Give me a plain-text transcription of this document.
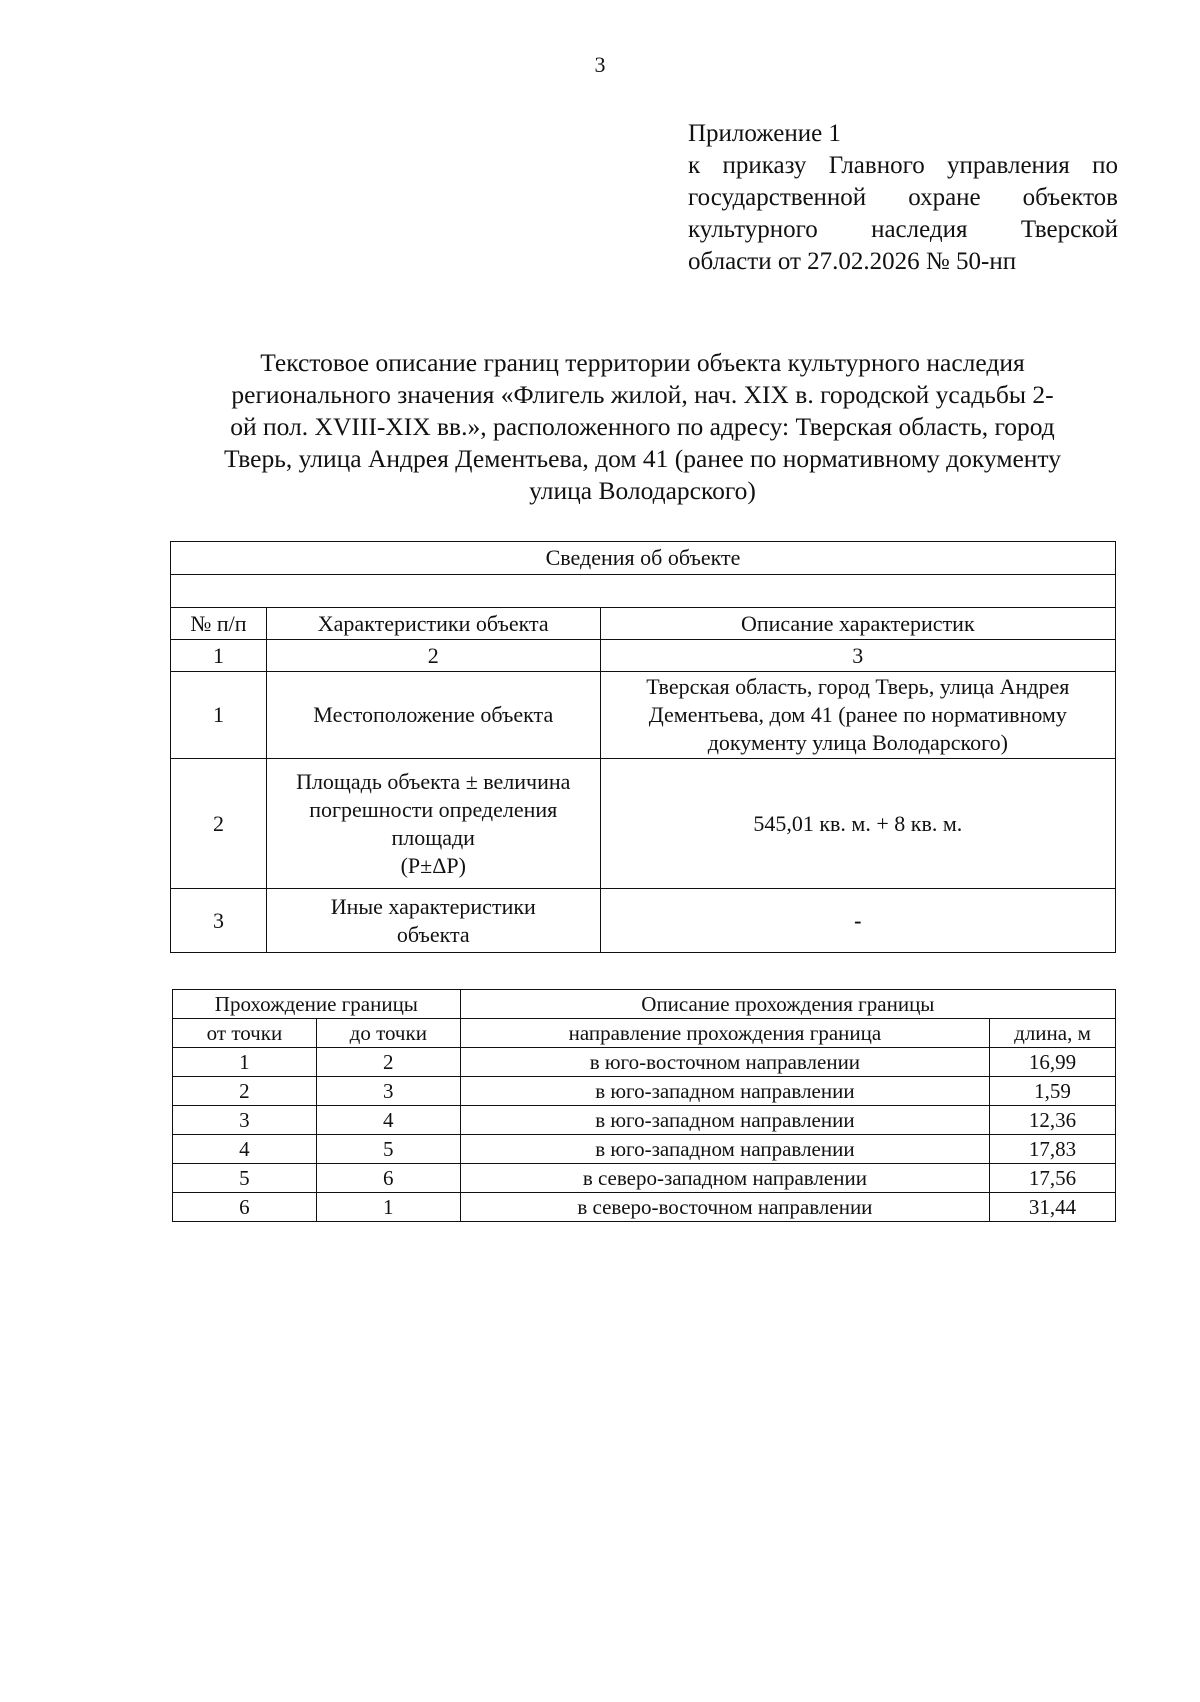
3
Приложение 1
к приказу Главного управления по
государственной охране объектов
культурного наследия Тверской
области от 27.02.2026 № 50-нп
Текстовое описание границ территории объекта культурного наследия
регионального значения «Флигель жилой, нач. XIX в. городской усадьбы 2-
ой пол. XVIII-XIX вв.», расположенного по адресу: Тверская область, город
Тверь, улица Андрея Дементьева, дом 41 (ранее по нормативному документу
улица Володарского)
Сведения об объекте		

№ п/п	Характеристики объекта	Описание характеристик
1	2	3
1	Местоположение объекта	Тверская область, город Тверь, улица Андрея
Дементьева, дом 41 (ранее по нормативному
документу улица Володарского)

2	Площадь объекта ± величина
погрешности определения
площади
(Р±ΔР)	545,01 кв. м. + 8 кв. м.

3	Иные характеристики
объекта	-
Прохождение границы		Описание прохождения границы	
от точки	до точки	направление прохождения граница	длина, м
1	2	в юго-восточном направлении	16,99
2	3	в юго-западном направлении	1,59
3	4	в юго-западном направлении	12,36
4	5	в юго-западном направлении	17,83
5	6	в северо-западном направлении	17,56
6	1	в северо-восточном направлении	31,44
